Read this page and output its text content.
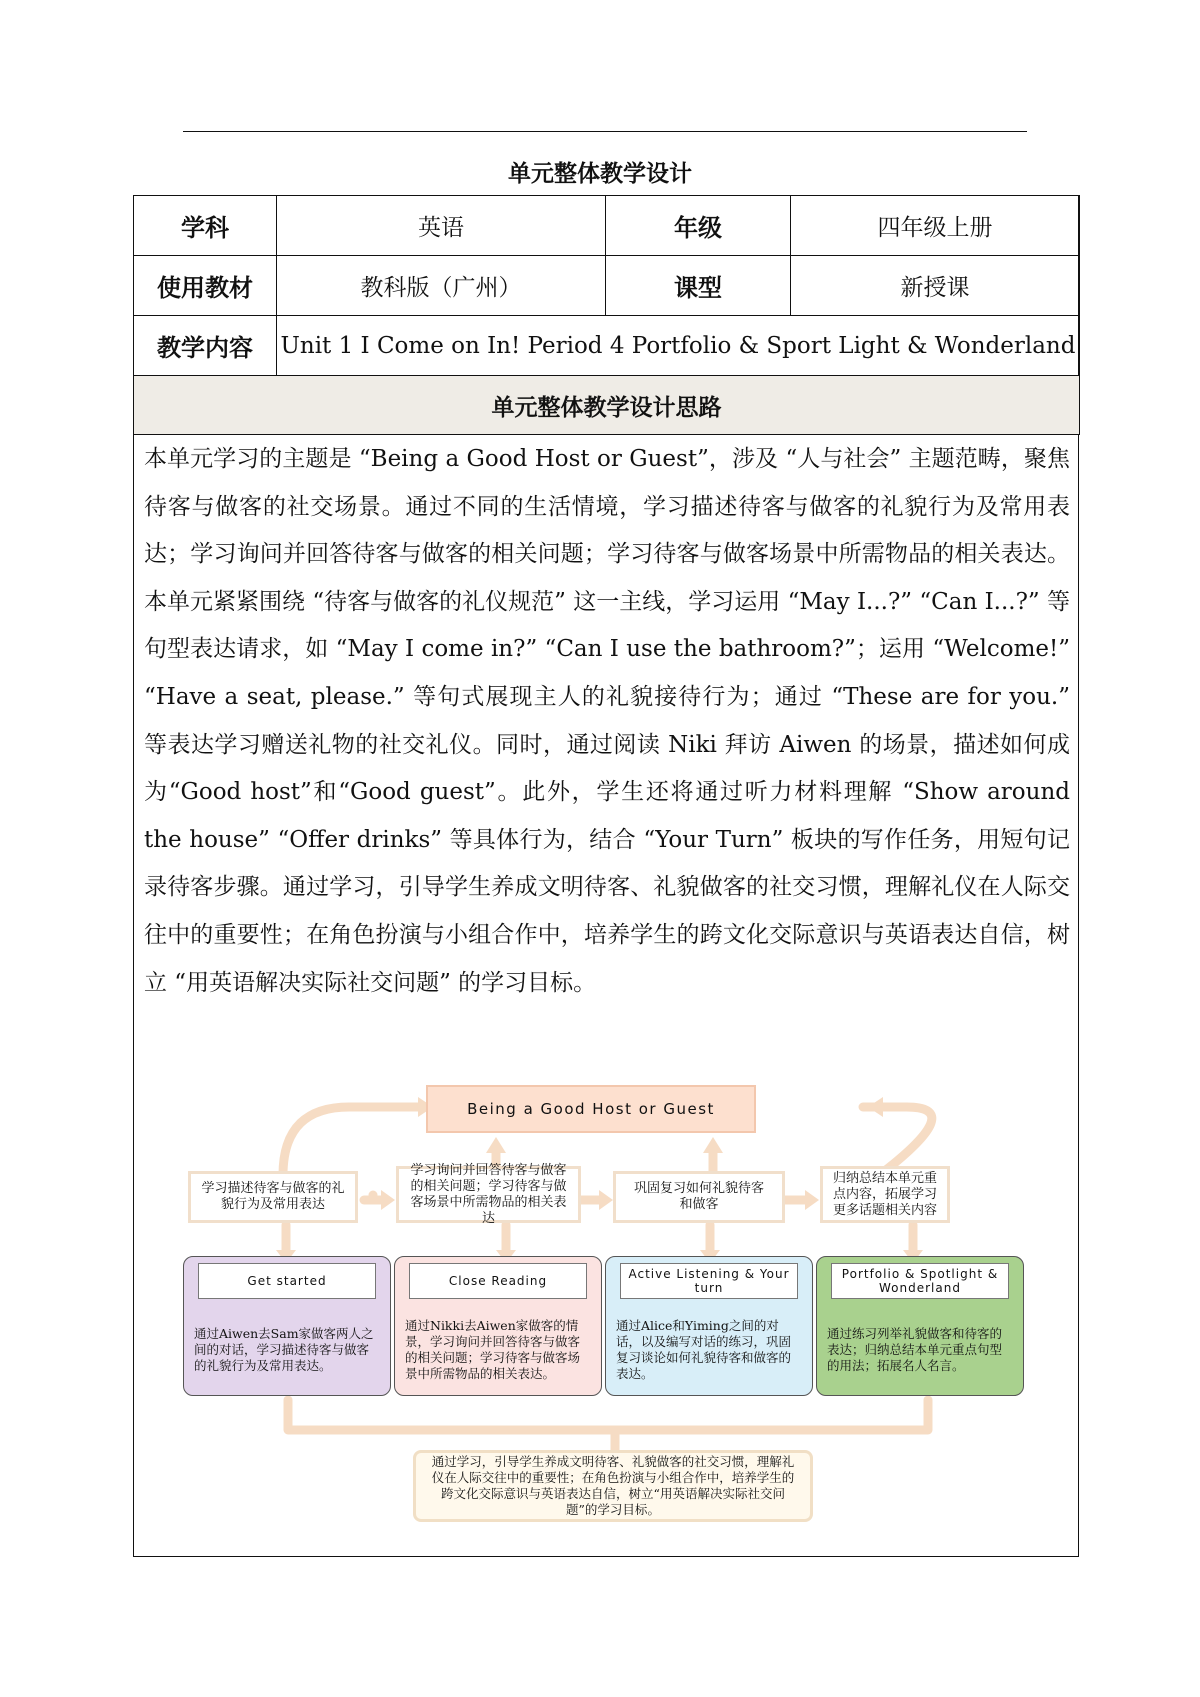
单元整体教学设计
学科	英语	年级	四年级上册
使用教材	教科版（广州）	课型	新授课
教学内容	Unit 1 I Come on In! Period 4 Portfolio & Sport Light & Wonderland		
单元整体教学设计思路			

本单元学习的主题是 “Being a Good Host or Guest”，涉及 “人与社会” 主题范畴，聚焦待客与做客的社交场景。通过不同的生活情境，学习描述待客与做客的礼貌行为及常用表达；学习询问并回答待客与做客的相关问题；学习待客与做客场景中所需物品的相关表达。本单元紧紧围绕 “待客与做客的礼仪规范” 这一主线，学习运用 “May I...?” “Can I...?” 等句型表达请求，如 “May I come in?” “Can I use the bathroom?”；运用 “Welcome!” “Have a seat, please.” 等句式展现主人的礼貌接待行为；通过 “These are for you.” 等表达学习赠送礼物的社交礼仪。同时，通过阅读 Niki 拜访 Aiwen 的场景，描述如何成为“Good host”和“Good guest”。此外，学生还将通过听力材料理解 “Show around the house” “Offer drinks” 等具体行为，结合 “Your Turn” 板块的写作任务，用短句记录待客步骤。通过学习，引导学生养成文明待客、礼貌做客的社交习惯，理解礼仪在人际交往中的重要性；在角色扮演与小组合作中，培养学生的跨文化交际意识与英语表达自信，树立 “用英语解决实际社交问题” 的学习目标。

Being a Good Host or Guest
学习描述待客与做客的礼貌行为及常用表达
学习询问并回答待客与做客的相关问题；学习待客与做客场景中所需物品的相关表达
巩固复习如何礼貌待客和做客
归纳总结本单元重点内容，拓展学习更多话题相关内容
Get started
通过Aiwen去Sam家做客两人之间的对话，学习描述待客与做客的礼貌行为及常用表达。
Close Reading
通过Nikki去Aiwen家做客的情景，学习询问并回答待客与做客的相关问题；学习待客与做客场景中所需物品的相关表达。
Active Listening & Your turn
通过Alice和Yiming之间的对话，以及编写对话的练习，巩固复习谈论如何礼貌待客和做客的表达。
Portfolio & Spotlight & Wonderland
通过练习列举礼貌做客和待客的表达；归纳总结本单元重点句型的用法；拓展名人名言。
通过学习，引导学生养成文明待客、礼貌做客的社交习惯，理解礼仪在人际交往中的重要性；在角色扮演与小组合作中，培养学生的跨文化交际意识与英语表达自信，树立“用英语解决实际社交问题”的学习目标。
